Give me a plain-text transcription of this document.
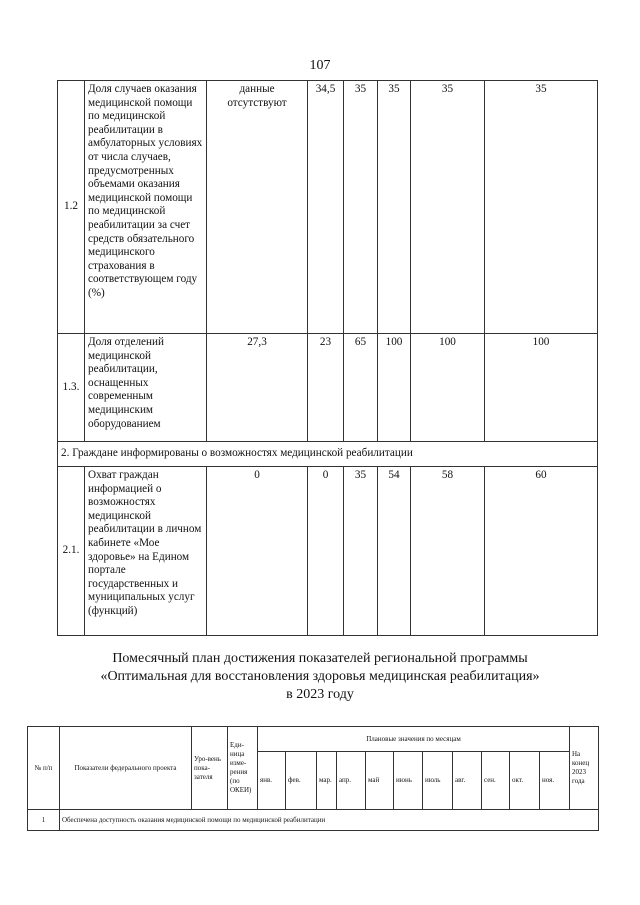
107
1.2	Доля случаев оказания медицинской помощи по медицинской реабилитации в амбулаторных условиях от числа случаев, предусмотренных объемами оказания медицинской помощи по медицинской реабилитации за счет средств обязательного медицинского страхования в соответствующем году (%)	данные отсутствуют	34,5	35	35	35	35
1.3.	Доля отделений медицинской реабилитации, оснащенных современным медицинским оборудованием	27,3	23	65	100	100	100
2. Граждане информированы о возможностях медицинской реабилитации							
2.1.	Охват граждан информацией о возможностях медицинской реабилитации в личном кабинете «Мое здоровье» на Едином портале государственных и муниципальных услуг (функций)	0	0	35	54	58	60
Помесячный план достижения показателей региональной программы
«Оптимальная для восстановления здоровья медицинская реабилитация»
в 2023 году
№ п/п	Показатели федерального проекта	Уро-вень пока-зателя	Еди-ница изме-рения (по ОКЕИ)	Плановые значения по месяцам											На конец 2023 года
				янв.	фев.	мар.	апр.	май	июнь	июль	авг.	сен.	окт.	ноя.	
1	Обеспечена доступность оказания медицинской помощи по медицинской реабилитации														
